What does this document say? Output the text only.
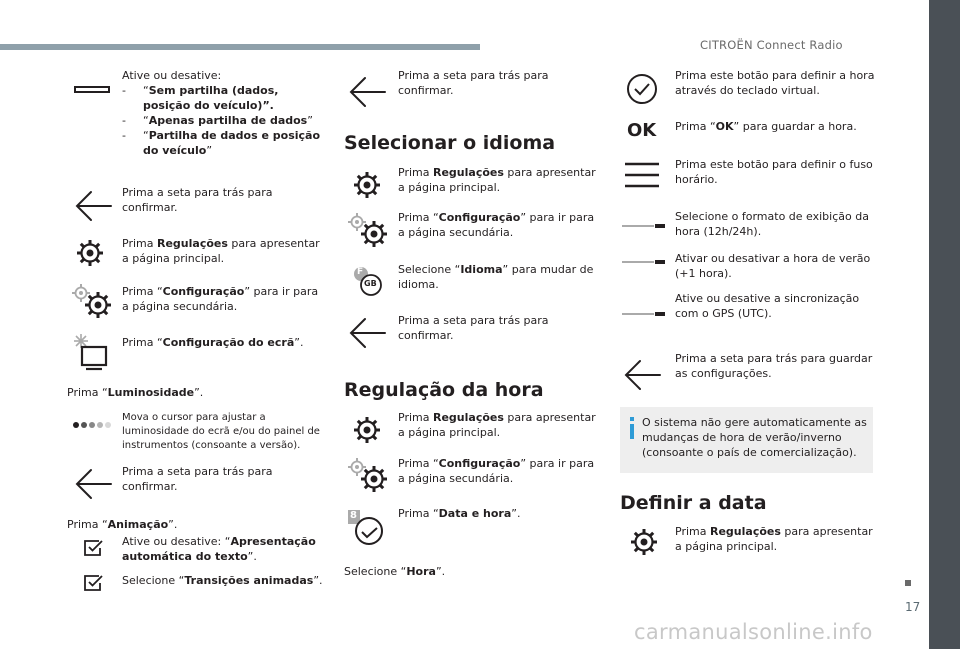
CITROËN Connect Radio
17
carmanualsonline.info
Ative ou desative:
-	“Sem partilha (dados, posição do veículo)”.
-	“Apenas partilha de dados”
-	“Partilha de dados e posição do veículo”
Prima a seta para trás para confirmar.
Prima Regulações para apresentar a página principal.
Prima “Configuração” para ir para a página secundária.
Prima “Configuração do ecrã”.
Prima “Luminosidade”.
Mova o cursor para ajustar a luminosidade do ecrã e/ou do painel de instrumentos (consoante a versão).
Prima a seta para trás para confirmar.
Prima “Animação”.
Ative ou desative: “Apresentação automática do texto”.
Selecione “Transições animadas”.
Prima a seta para trás para confirmar.
Selecionar o idioma
Prima Regulações para apresentar a página principal.
Prima “Configuração” para ir para a página secundária.
F
GB
Selecione “Idioma” para mudar de idioma.
Prima a seta para trás para confirmar.
Regulação da hora
Prima Regulações para apresentar a página principal.
Prima “Configuração” para ir para a página secundária.
8	Prima “Data e hora”.
Selecione “Hora”.
Prima este botão para definir a hora através do teclado virtual.
OK Prima “OK” para guardar a hora.
Prima este botão para definir o fuso horário.
Selecione o formato de exibição da hora (12h/24h).
Ativar ou desativar a hora de verão (+1 hora).
Ative ou desative a sincronização com o GPS (UTC).
Prima a seta para trás para guardar as configurações.
O sistema não gere automaticamente as mudanças de hora de verão/inverno (consoante o país de comercialização).
Definir a data
Prima Regulações para apresentar a página principal.
